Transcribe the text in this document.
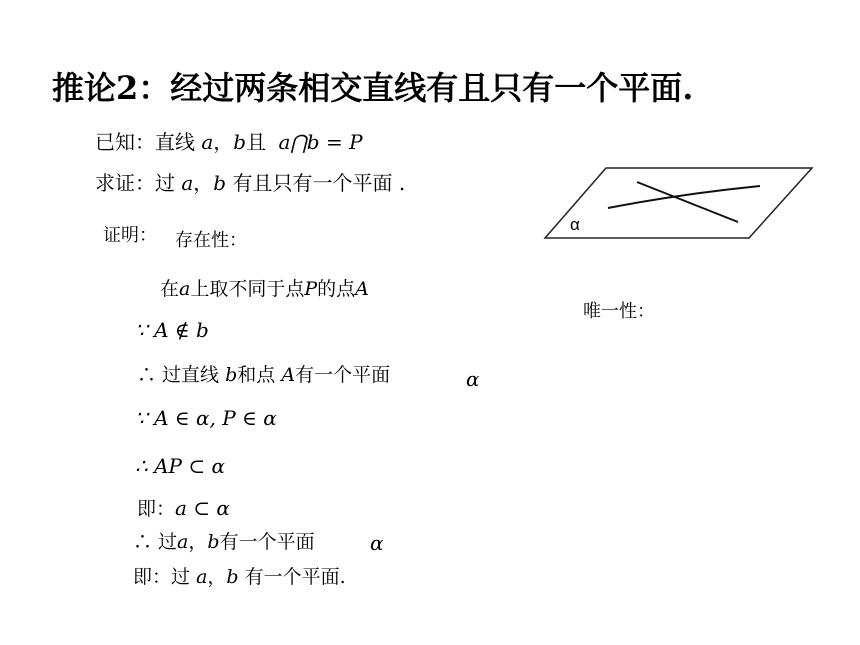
推论2：经过两条相交直线有且只有一个平面.
已知：直线 a，b且 a⋂b = P
求证：过 a，b 有且只有一个平面 .
证明： 存在性：
在a上取不同于点P的点A
∵ A ∉ b
∴ 过直线 b和点 A有一个平面	α
∵ A ∈ α, P ∈ α
∴ AP ⊂ α
即：a ⊂ α
∴ 过a，b有一个平面	α
即：过 a，b 有一个平面.
唯一性：
α
